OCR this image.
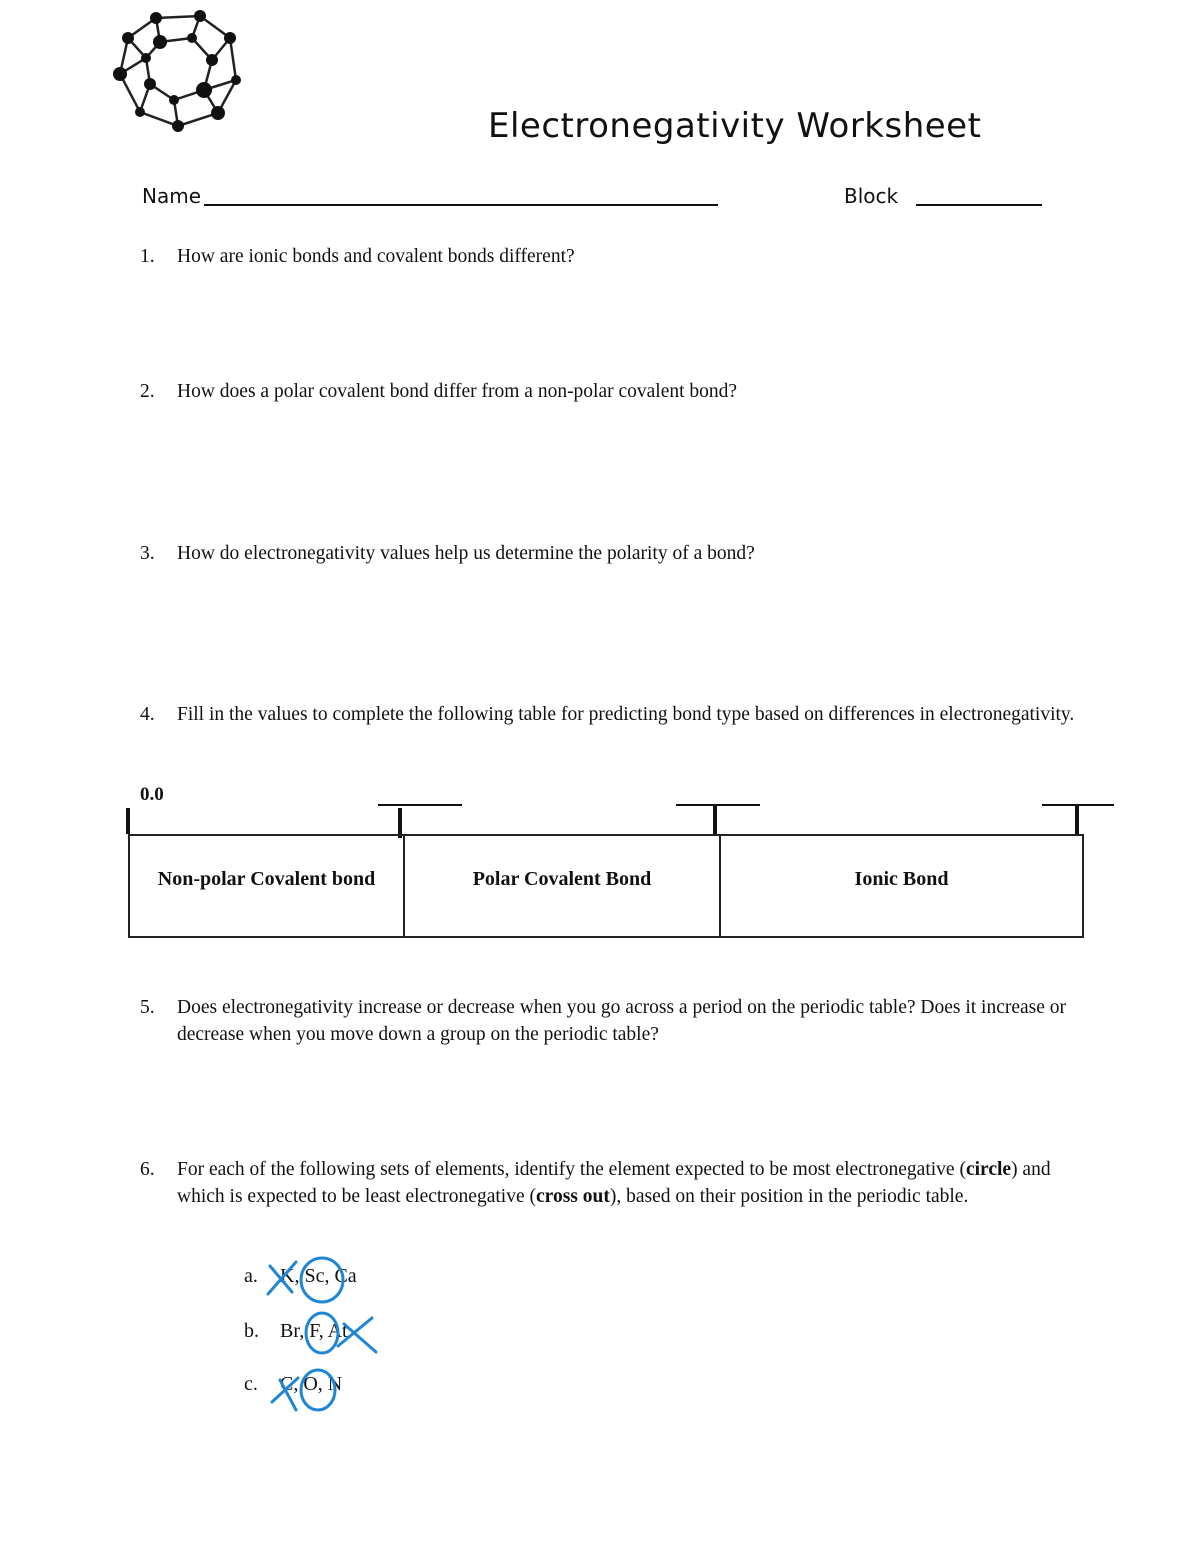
Electronegativity Worksheet
Name	Block
1.	How are ionic bonds and covalent bonds different?
2.	How does a polar covalent bond differ from a non-polar covalent bond?
3.	How do electronegativity values help us determine the polarity of a bond?
4.	Fill in the values to complete the following table for predicting bond type based on differences in electronegativity.
0.0
Non-polar Covalent bond	Polar Covalent Bond	Ionic Bond
5.	Does electronegativity increase or decrease when you go across a period on the periodic table? Does it increase or decrease when you move down a group on the periodic table?
6.	For each of the following sets of elements, identify the element expected to be most electronegative (circle) and which is expected to be least electronegative (cross out), based on their position in the periodic table.
a.	K, Sc, Ca
b.	Br, F, At
c.	C, O, N
